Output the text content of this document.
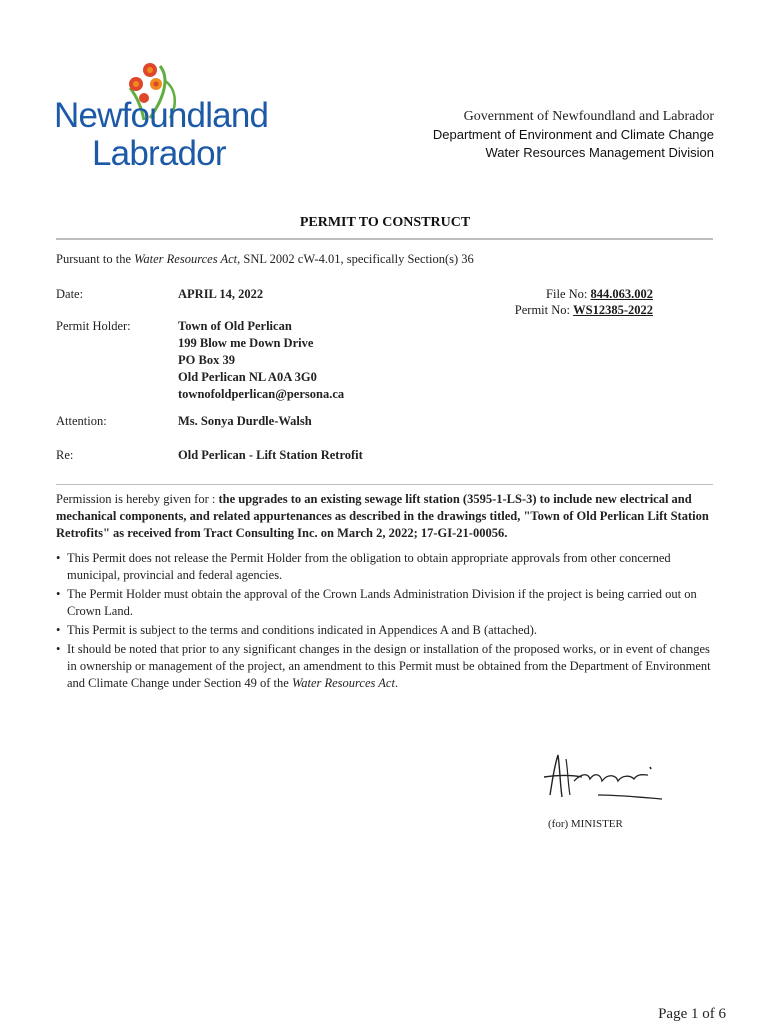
Newfoundland
Labrador
Government of Newfoundland and Labrador
Department of Environment and Climate Change
Water Resources Management Division
PERMIT TO CONSTRUCT
Pursuant to the Water Resources Act, SNL 2002 cW-4.01, specifically Section(s) 36
Date:	APRIL 14, 2022	File No: 844.063.002
Permit No: WS12385-2022
Permit Holder:	Town of Old Perlican
199 Blow me Down Drive
PO Box 39
Old Perlican NL A0A 3G0
townofoldperlican@persona.ca
Attention:	Ms. Sonya Durdle-Walsh
Re:	Old Perlican - Lift Station Retrofit
Permission is hereby given for : the upgrades to an existing sewage lift station (3595-1-LS-3) to include new electrical and mechanical components, and related appurtenances as described in the drawings titled, "Town of Old Perlican Lift Station Retrofits" as received from Tract Consulting Inc. on March 2, 2022; 17-GI-21-00056.
• This Permit does not release the Permit Holder from the obligation to obtain appropriate approvals from other concerned municipal, provincial and federal agencies.
• The Permit Holder must obtain the approval of the Crown Lands Administration Division if the project is being carried out on Crown Land.
• This Permit is subject to the terms and conditions indicated in Appendices A and B (attached).
• It should be noted that prior to any significant changes in the design or installation of the proposed works, or in event of changes in ownership or management of the project, an amendment to this Permit must be obtained from the Department of Environment and Climate Change under Section 49 of the Water Resources Act.
(for) MINISTER
Page 1 of 6
